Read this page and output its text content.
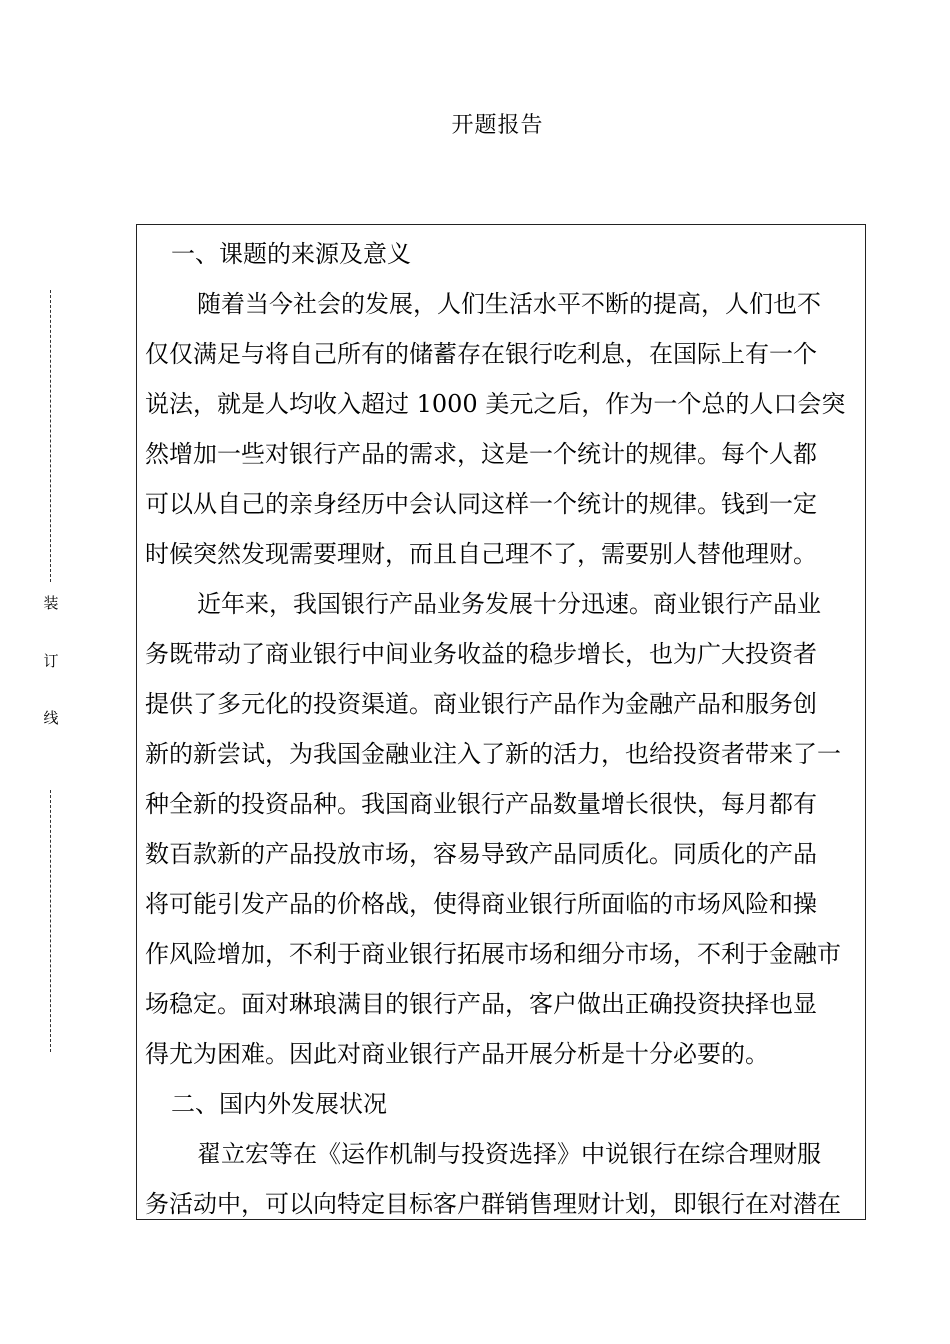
开题报告
装
订
线
一、课题的来源及意义
随着当今社会的发展，人们生活水平不断的提高，人们也不
仅仅满足与将自己所有的储蓄存在银行吃利息，在国际上有一个
说法，就是人均收入超过 1000 美元之后，作为一个总的人口会突
然增加一些对银行产品的需求，这是一个统计的规律。每个人都
可以从自己的亲身经历中会认同这样一个统计的规律。钱到一定
时候突然发现需要理财，而且自己理不了，需要别人替他理财。
近年来，我国银行产品业务发展十分迅速。商业银行产品业
务既带动了商业银行中间业务收益的稳步增长，也为广大投资者
提供了多元化的投资渠道。商业银行产品作为金融产品和服务创
新的新尝试，为我国金融业注入了新的活力，也给投资者带来了一
种全新的投资品种。我国商业银行产品数量增长很快，每月都有
数百款新的产品投放市场，容易导致产品同质化。同质化的产品
将可能引发产品的价格战，使得商业银行所面临的市场风险和操
作风险增加，不利于商业银行拓展市场和细分市场，不利于金融市
场稳定。面对琳琅满目的银行产品，客户做出正确投资抉择也显
得尤为困难。因此对商业银行产品开展分析是十分必要的。
二、国内外发展状况
翟立宏等在《运作机制与投资选择》中说银行在综合理财服
务活动中，可以向特定目标客户群销售理财计划，即银行在对潜在
